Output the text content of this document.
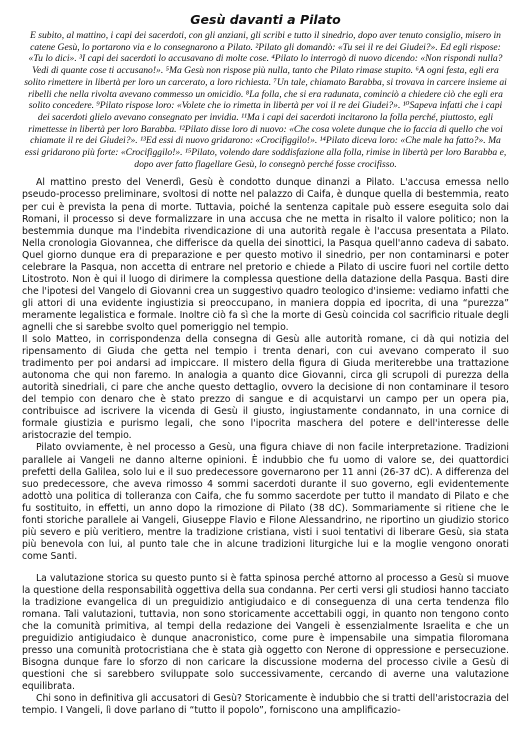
Gesù davanti a Pilato
E subito, al mattino, i capi dei sacerdoti, con gli anziani, gli scribi e tutto il sinedrio, dopo aver tenuto consiglio, misero in catene Gesù, lo portarono via e lo consegnarono a Pilato. ²Pilato gli domandò: «Tu sei il re dei Giudei?». Ed egli rispose: «Tu lo dici». ³I capi dei sacerdoti lo accusavano di molte cose. ⁴Pilato lo interrogò di nuovo dicendo: «Non rispondi nulla? Vedi di quante cose ti accusano!». ⁵Ma Gesù non rispose più nulla, tanto che Pilato rimase stupito. ⁶A ogni festa, egli era solito rimettere in libertà per loro un carcerato, a loro richiesta. ⁷Un tale, chiamato Barabba, si trovava in carcere insieme ai ribelli che nella rivolta avevano commesso un omicidio. ⁸La folla, che si era radunata, cominciò a chiedere ciò che egli era solito concedere. ⁹Pilato rispose loro: «Volete che io rimetta in libertà per voi il re dei Giudei?». ¹⁰Sapeva infatti che i capi dei sacerdoti glielo avevano consegnato per invidia. ¹¹Ma i capi dei sacerdoti incitarono la folla perché, piuttosto, egli rimettesse in libertà per loro Barabba. ¹²Pilato disse loro di nuovo: «Che cosa volete dunque che io faccia di quello che voi chiamate il re dei Giudei?». ¹³Ed essi di nuovo gridarono: «Crocifiggilo!». ¹⁴Pilato diceva loro: «Che male ha fatto?». Ma essi gridarono più forte: «Crocifiggilo!». ¹⁵Pilato, volendo dare soddisfazione alla folla, rimise in libertà per loro Barabba e, dopo aver fatto flagellare Gesù, lo consegnò perché fosse crocifisso.

Al mattino presto del Venerdì, Gesù è condotto dunque dinanzi a Pilato. L'accusa emessa nello pseudo-processo preliminare, svoltosi di notte nel palazzo di Caifa, è dunque quella di bestemmia, reato per cui è prevista la pena di morte. Tuttavia, poiché la sentenza capitale può essere eseguita solo dai Romani, il processo si deve formalizzare in una accusa che ne metta in risalto il valore politico; non la bestemmia dunque ma l'indebita rivendicazione di una autorità regale è l'accusa presentata a Pilato. Nella cronologia Giovannea, che differisce da quella dei sinottici, la Pasqua quell'anno cadeva di sabato. Quel giorno dunque era di preparazione e per questo motivo il sinedrio, per non contaminarsi e poter celebrare la Pasqua, non accetta di entrare nel pretorio e chiede a Pilato di uscire fuori nel cortile detto Litostroto. Non è qui il luogo di dirimere la complessa questione della datazione della Pasqua. Basti dire che l'ipotesi del Vangelo di Giovanni crea un suggestivo quadro teologico d'insieme: vediamo infatti che gli attori di una evidente ingiustizia si preoccupano, in maniera doppia ed ipocrita, di una “purezza” meramente legalistica e formale. Inoltre ciò fa sì che la morte di Gesù coincida col sacrificio rituale degli agnelli che si sarebbe svolto quel pomeriggio nel tempio.

Il solo Matteo, in corrispondenza della consegna di Gesù alle autorità romane, ci dà qui notizia del ripensamento di Giuda che getta nel tempio i trenta denari, con cui avevano comperato il suo tradimento per poi andarsi ad impiccare. Il mistero della figura di Giuda meriterebbe una trattazione autonoma che qui non faremo. In analogia a quanto dice Giovanni, circa gli scrupoli di purezza della autorità sinedriali, ci pare che anche questo dettaglio, ovvero la decisione di non contaminare il tesoro del tempio con denaro che è stato prezzo di sangue e di acquistarvi un campo per un opera pia, contribuisce ad iscrivere la vicenda di Gesù il giusto, ingiustamente condannato, in una cornice di formale giustizia e purismo legali, che sono l'ipocrita maschera del potere e dell'interesse delle aristocrazie del tempio.

Pilato ovviamente, è nel processo a Gesù, una figura chiave di non facile interpretazione. Tradizioni parallele ai Vangeli ne danno alterne opinioni. È indubbio che fu uomo di valore se, dei quattordici prefetti della Galilea, solo lui e il suo predecessore governarono per 11 anni (26-37 dC). A differenza del suo predecessore, che aveva rimosso 4 sommi sacerdoti durante il suo governo, egli evidentemente adottò una politica di tolleranza con Caifa, che fu sommo sacerdote per tutto il mandato di Pilato e che fu sostituito, in effetti, un anno dopo la rimozione di Pilato (38 dC). Sommariamente si ritiene che le fonti storiche parallele ai Vangeli, Giuseppe Flavio e Filone Alessandrino, ne riportino un giudizio storico più severo e più veritiero, mentre la tradizione cristiana, visti i suoi tentativi di liberare Gesù, sia stata più benevola con lui, al punto tale che in alcune tradizioni liturgiche lui e la moglie vengono onorati come Santi.

La valutazione storica su questo punto si è fatta spinosa perché attorno al processo a Gesù si muove la questione della responsabilità oggettiva della sua condanna. Per certi versi gli studiosi hanno tacciato la tradizione evangelica di un preguidizio antigiudaico e di conseguenza di una certa tendenza filo romana. Tali valutazioni, tuttavia, non sono storicamente accettabili oggi, in quanto non tengono conto che la comunità primitiva, al tempi della redazione dei Vangeli è essenzialmente Israelita e che un preguidizio antigiudaico è dunque anacronistico, come pure è impensabile una simpatia filoromana presso una comunità protocristiana che è stata già oggetto con Nerone di oppressione e persecuzione. Bisogna dunque fare lo sforzo di non caricare la discussione moderna del processo civile a Gesù di questioni che si sarebbero sviluppate solo successivamente, cercando di averne una valutazione equilibrata.

Chi sono in definitiva gli accusatori di Gesù? Storicamente è indubbio che si tratti dell'aristocrazia del tempio. I Vangeli, lì dove parlano di “tutto il popolo”, forniscono una amplificazio-
